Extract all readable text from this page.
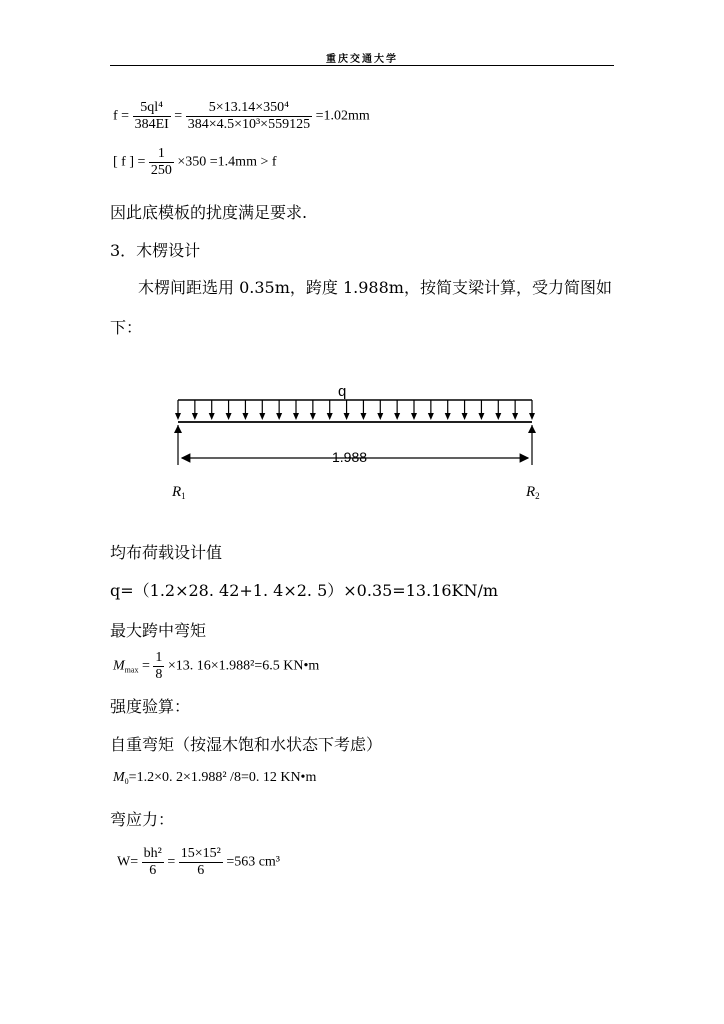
重庆交通大学
$f = \frac{\text{5ql⁴}}{384EI} = \frac{\text{5×13.14×350⁴}}{\text{384×4.5×10³×559125}} =1.02mm$
[ f ] = $\frac{1}{250} \times 350 =1.4mm > f$
因此底模板的扰度满足要求.
3．木楞设计
木楞间距选用 0.35m，跨度 1.988m，按简支梁计算，受力简图如
下：
q
1.988
$R_1$	$R_2$
均布荷载设计值
q=（1.2×28. 42+1. 4×2. 5）×0.35=13.16KN/m
最大跨中弯矩
$M_{max} = \frac{1}{8} \times 13$. 16×1.988²=6.5 KN•m
强度验算：
自重弯矩（按湿木饱和水状态下考虑）
$M_0=1.2\times 0$. 2×1.988² /8=0. 12 KN•m
弯应力：
$W= \frac{\text{bh²}}{6} = \frac{\text{15×15²}}{6} =563$ cm³
